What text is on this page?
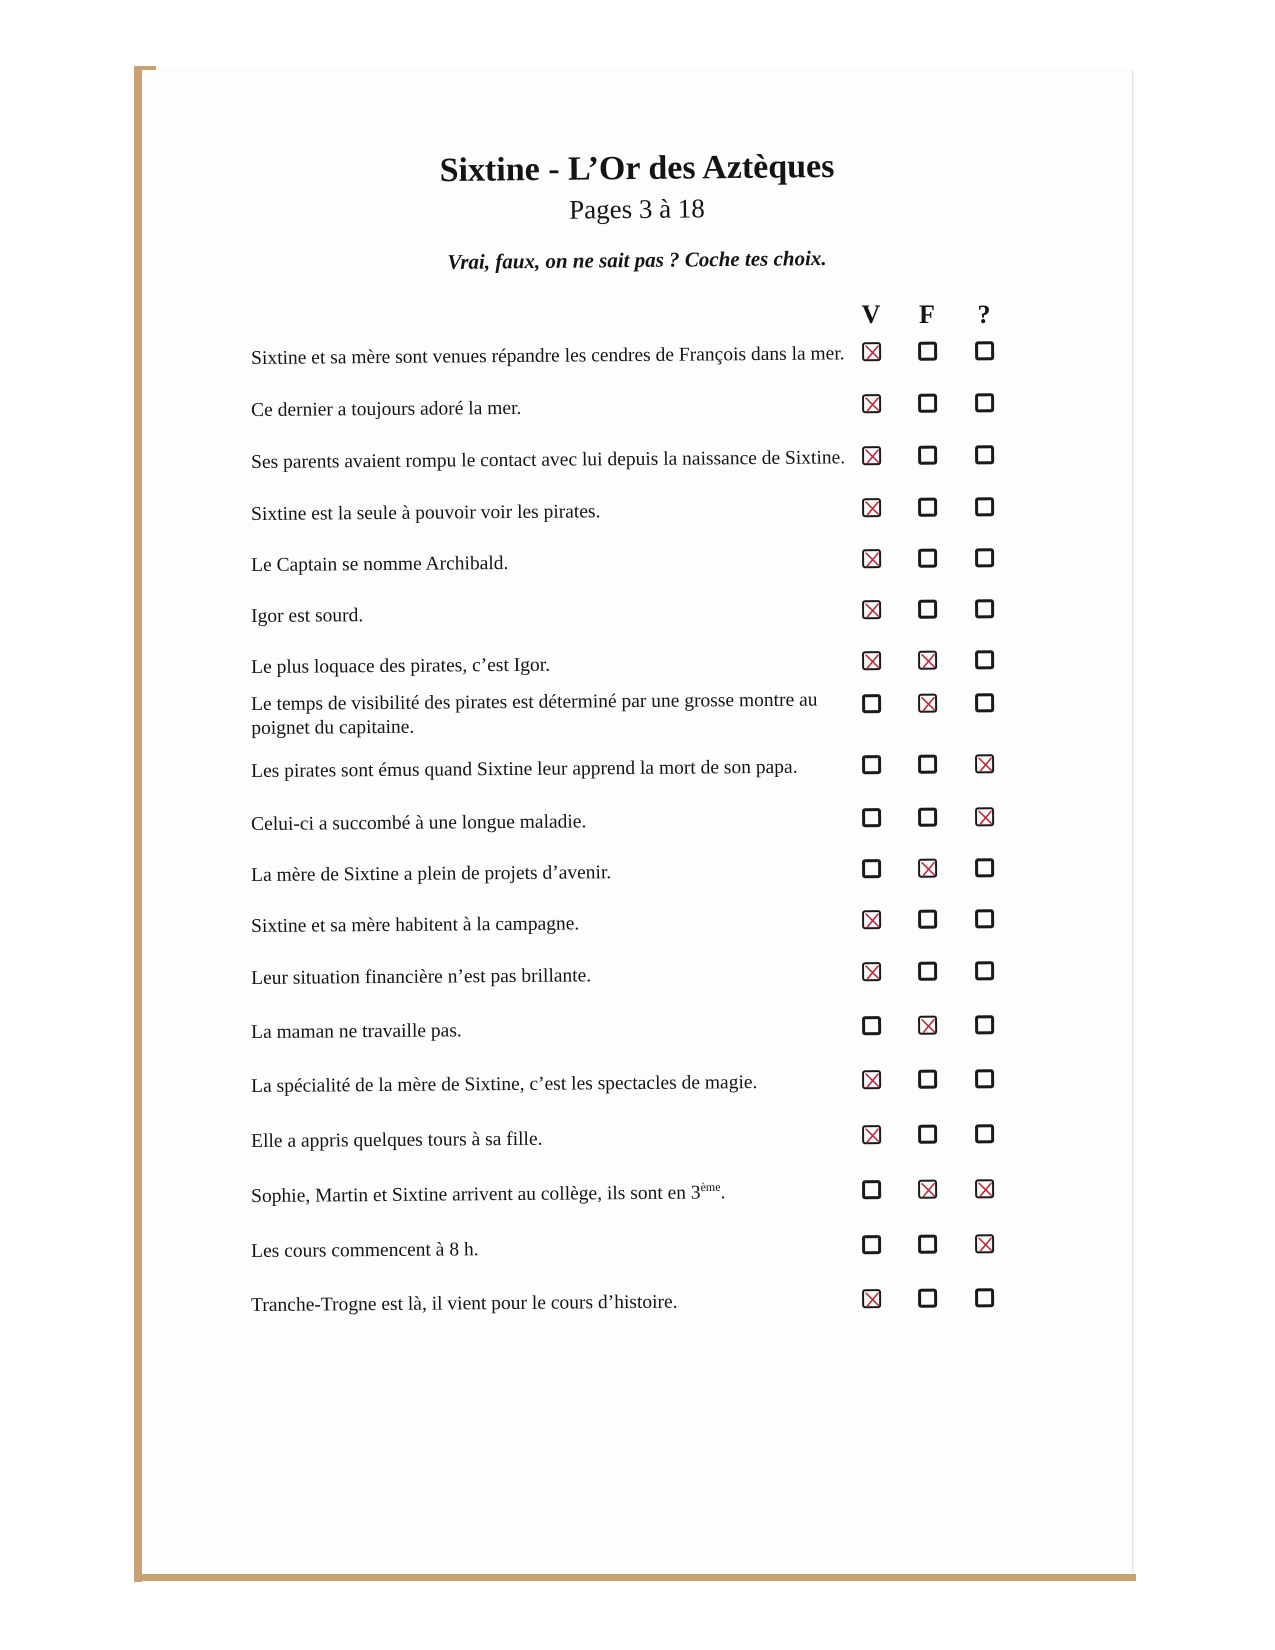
Sixtine - L’Or des Aztèques
Pages 3 à 18
Vrai, faux, on ne sait pas ? Coche tes choix.
V	F	?
Sixtine et sa mère sont venues répandre les cendres de François dans la mer.
Ce dernier a toujours adoré la mer.
Ses parents avaient rompu le contact avec lui depuis la naissance de Sixtine.
Sixtine est la seule à pouvoir voir les pirates.
Le Captain se nomme Archibald.
Igor est sourd.
Le plus loquace des pirates, c’est Igor.
Le temps de visibilité des pirates est déterminé par une grosse montre au poignet du capitaine.
Les pirates sont émus quand Sixtine leur apprend la mort de son papa.
Celui-ci a succombé à une longue maladie.
La mère de Sixtine a plein de projets d’avenir.
Sixtine et sa mère habitent à la campagne.
Leur situation financière n’est pas brillante.
La maman ne travaille pas.
La spécialité de la mère de Sixtine, c’est les spectacles de magie.
Elle a appris quelques tours à sa fille.
Sophie, Martin et Sixtine arrivent au collège, ils sont en 3ème.
Les cours commencent à 8 h.
Tranche-Trogne est là, il vient pour le cours d’histoire.
